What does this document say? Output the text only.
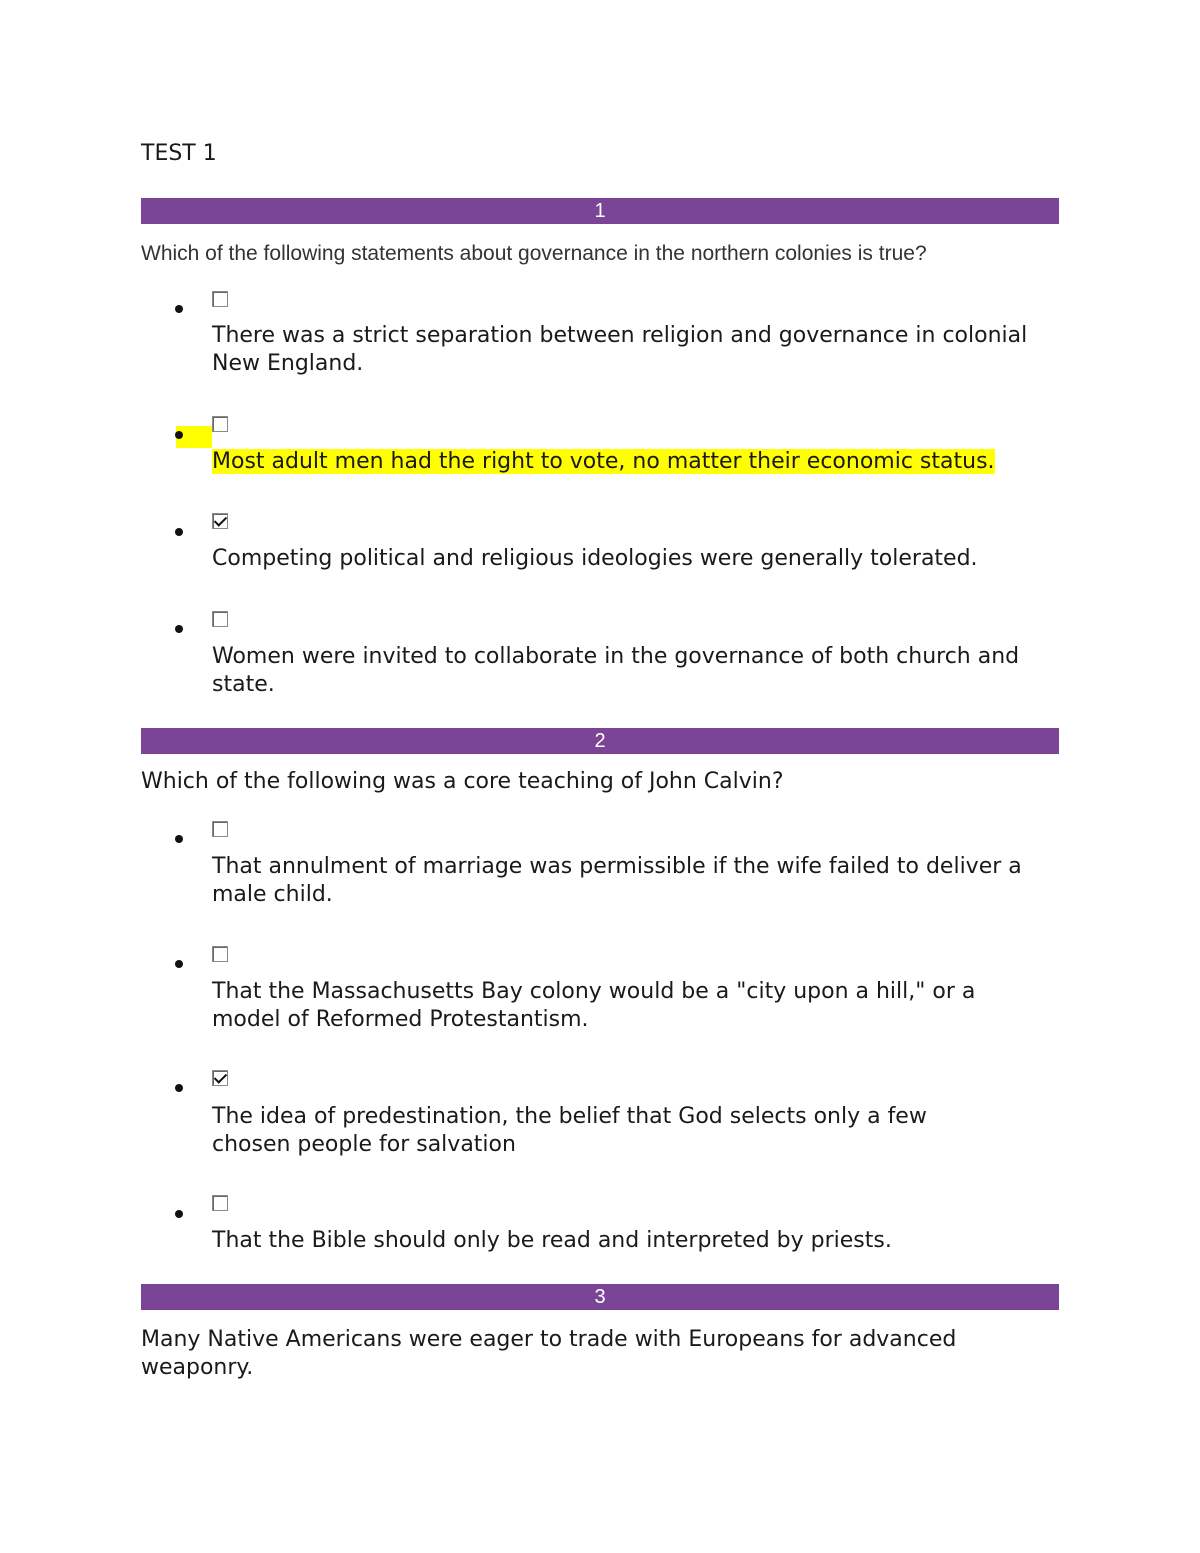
TEST 1
1
Which of the following statements about governance in the northern colonies is true?
There was a strict separation between religion and governance in colonial New England.
Most adult men had the right to vote, no matter their economic status.
Competing political and religious ideologies were generally tolerated.
Women were invited to collaborate in the governance of both church and state.
2
Which of the following was a core teaching of John Calvin?
That annulment of marriage was permissible if the wife failed to deliver a male child.
That the Massachusetts Bay colony would be a "city upon a hill," or a model of Reformed Protestantism.
The idea of predestination, the belief that God selects only a few chosen people for salvation
That the Bible should only be read and interpreted by priests.
3
Many Native Americans were eager to trade with Europeans for advanced weaponry.
